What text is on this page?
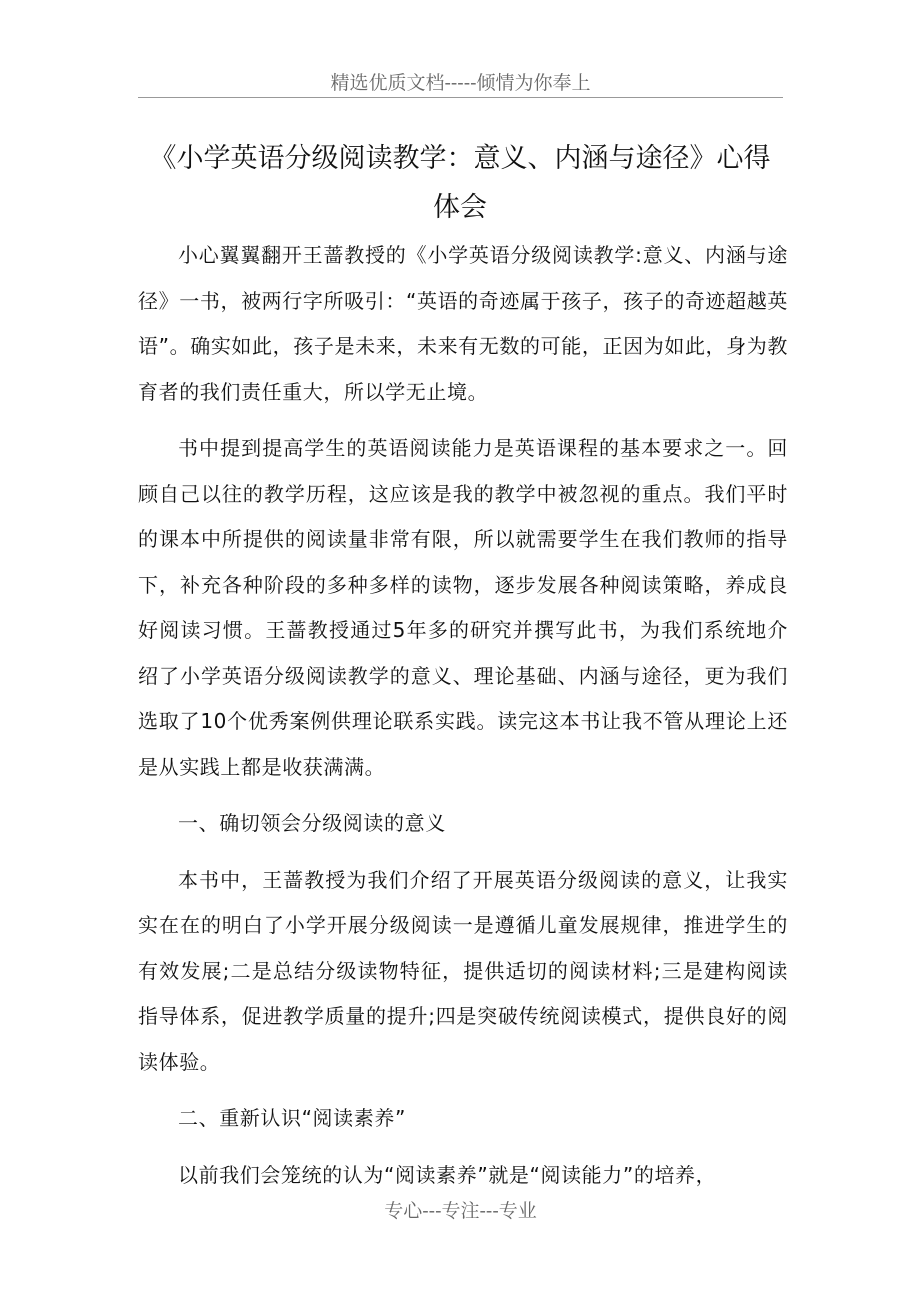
精选优质文档-----倾情为你奉上
《小学英语分级阅读教学：意义、内涵与途径》心得
体会

小心翼翼翻开王蔷教授的《小学英语分级阅读教学:意义、内涵与途径》一书，被两行字所吸引：“英语的奇迹属于孩子，孩子的奇迹超越英语”。确实如此，孩子是未来，未来有无数的可能，正因为如此，身为教育者的我们责任重大，所以学无止境。

书中提到提高学生的英语阅读能力是英语课程的基本要求之一。回顾自己以往的教学历程，这应该是我的教学中被忽视的重点。我们平时的课本中所提供的阅读量非常有限，所以就需要学生在我们教师的指导下，补充各种阶段的多种多样的读物，逐步发展各种阅读策略，养成良好阅读习惯。王蔷教授通过5年多的研究并撰写此书，为我们系统地介绍了小学英语分级阅读教学的意义、理论基础、内涵与途径，更为我们选取了10个优秀案例供理论联系实践。读完这本书让我不管从理论上还是从实践上都是收获满满。

一、确切领会分级阅读的意义

本书中，王蔷教授为我们介绍了开展英语分级阅读的意义，让我实实在在的明白了小学开展分级阅读一是遵循儿童发展规律，推进学生的有效发展;二是总结分级读物特征，提供适切的阅读材料;三是建构阅读指导体系，促进教学质量的提升;四是突破传统阅读模式，提供良好的阅读体验。

二、重新认识“阅读素养”

以前我们会笼统的认为“阅读素养”就是“阅读能力”的培养，

专心---专注---专业
